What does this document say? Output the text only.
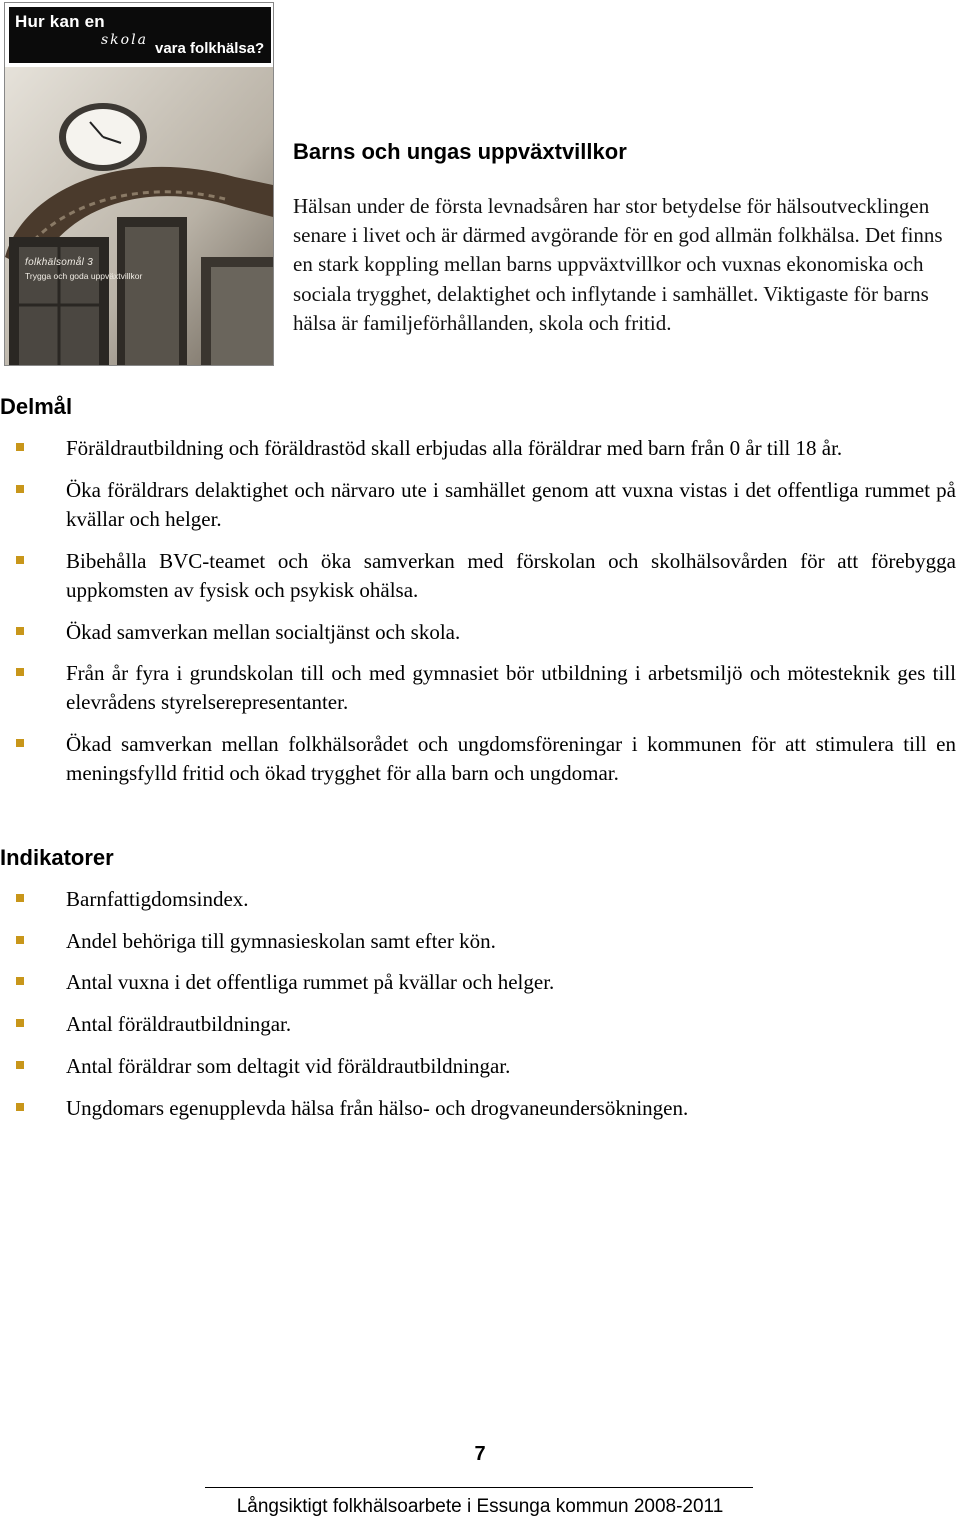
Hur kan en
skola vara folkhälsa?
folkhälsomål 3
Trygga och goda uppväxtvillkor
Barns och ungas uppväxtvillkor
Hälsan under de första levnadsåren har stor betydelse för hälsoutvecklingen senare i livet och är därmed avgörande för en god allmän folkhälsa. Det finns en stark koppling mellan barns uppväxtvillkor och vuxnas ekonomiska och sociala trygghet, delaktighet och inflytande i samhället. Viktigaste för barns hälsa är familjeförhållanden, skola och fritid.
Delmål
Föräldrautbildning och föräldrastöd skall erbjudas alla föräldrar med barn från 0 år till 18 år.
Öka föräldrars delaktighet och närvaro ute i samhället genom att vuxna vistas i det offentliga rummet på kvällar och helger.
Bibehålla BVC-teamet och öka samverkan med förskolan och skolhälsovården för att förebygga uppkomsten av fysisk och psykisk ohälsa.
Ökad samverkan mellan socialtjänst och skola.
Från år fyra i grundskolan till och med gymnasiet bör utbildning i arbetsmiljö och mötesteknik ges till elevrådens styrelserepresentanter.
Ökad samverkan mellan folkhälsorådet och ungdomsföreningar i kommunen för att stimulera till en meningsfylld fritid och ökad trygghet för alla barn och ungdomar.
Indikatorer
Barnfattigdomsindex.
Andel behöriga till gymnasieskolan samt efter kön.
Antal vuxna i det offentliga rummet på kvällar och helger.
Antal föräldrautbildningar.
Antal föräldrar som deltagit vid föräldrautbildningar.
Ungdomars egenupplevda hälsa från hälso- och drogvaneundersökningen.
7
Långsiktigt folkhälsoarbete i Essunga kommun 2008-2011
